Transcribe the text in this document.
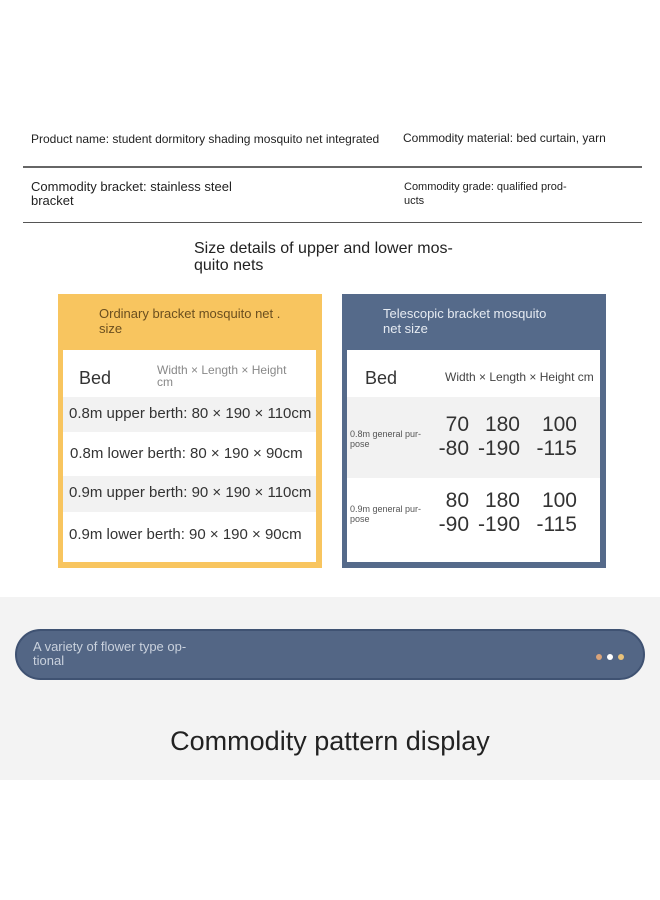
Product name: student dormitory shading mosquito net integrated Commodity material: bed curtain, yarn
Commodity bracket: stainless steel
bracket
Commodity grade: qualified prod-
ucts
Size details of upper and lower mos-
quito nets
Ordinary bracket mosquito net .
size
Bed	Width × Length × Height
cm
0.8m upper berth: 80 × 190 × 110cm
0.8m lower berth: 80 × 190 × 90cm
0.9m upper berth: 90 × 190 × 110cm
0.9m lower berth: 90 × 190 × 90cm
Telescopic bracket mosquito
net size
Bed	Width × Length × Height cm
0.8m general pur-
pose
70
-80
180
-190
100
-115
0.9m general pur-
pose
80
-90
180
-190
100
-115
A variety of flower type op-
tional
Commodity pattern display
